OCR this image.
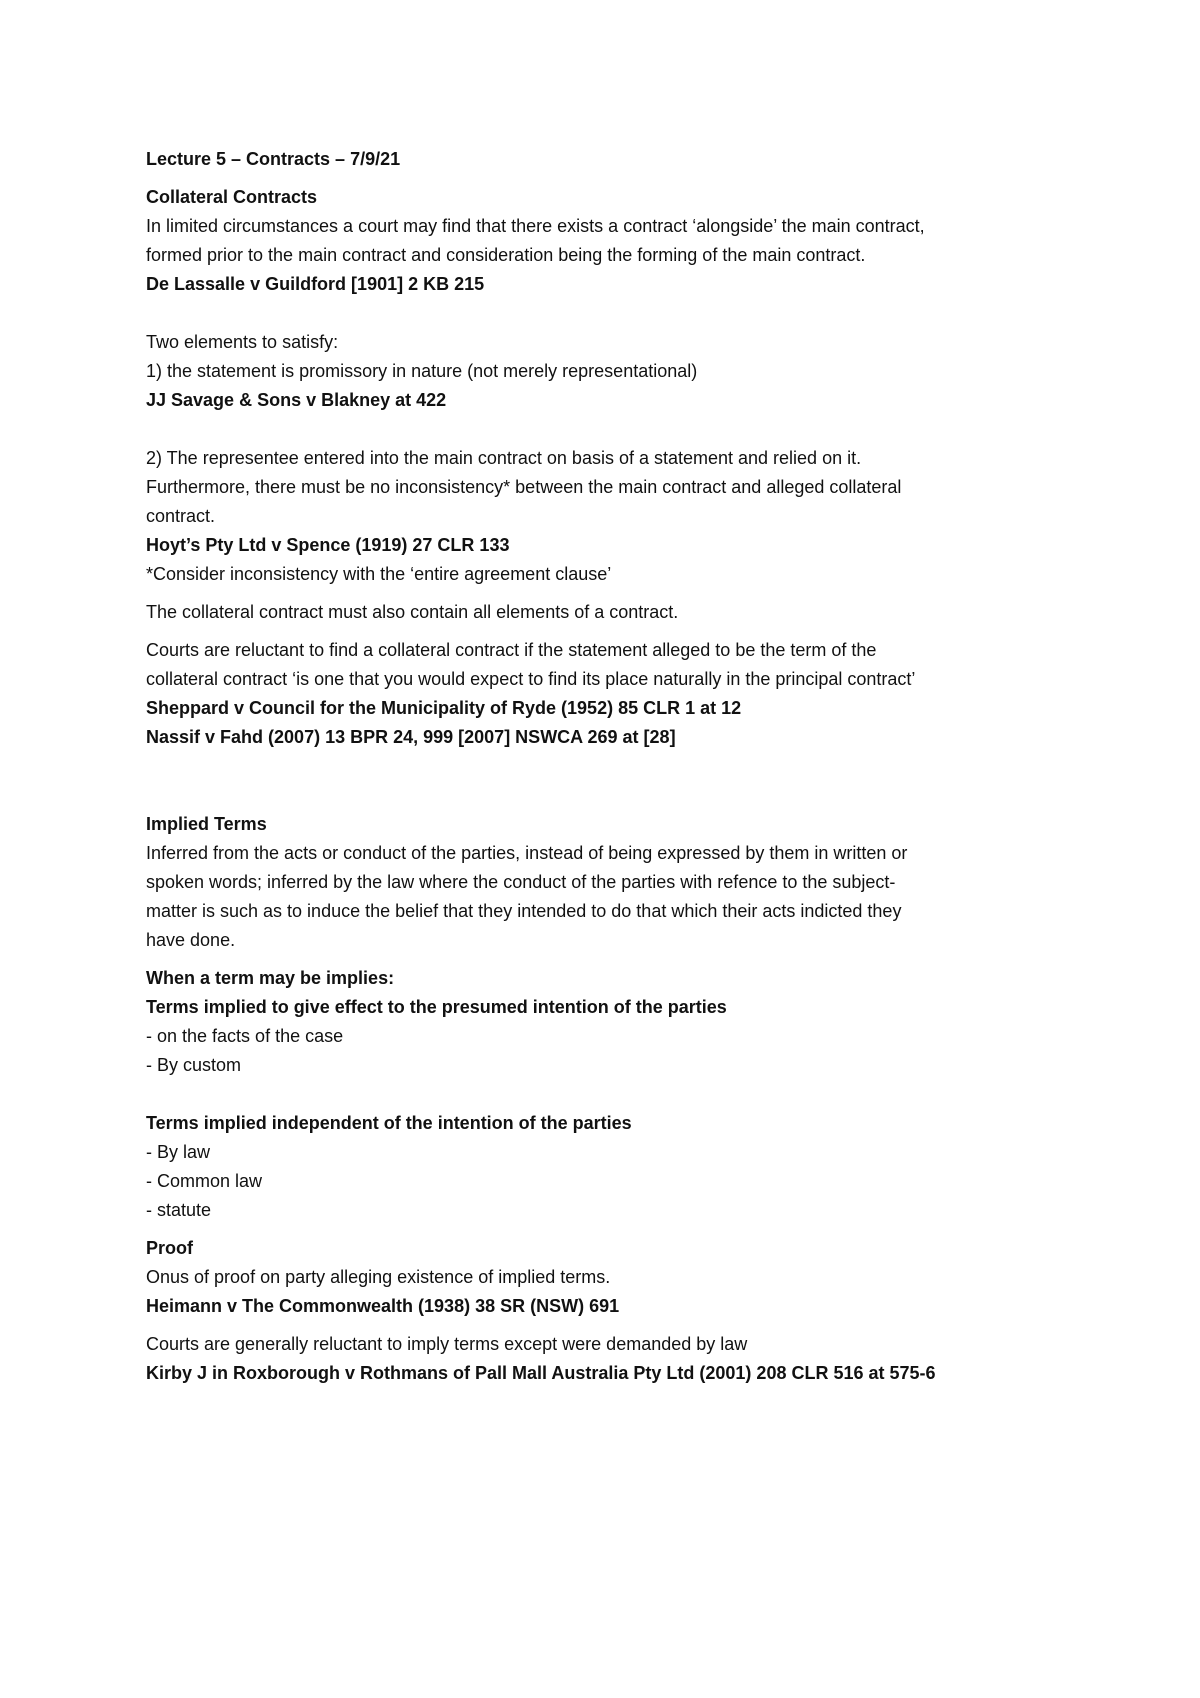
Lecture 5 – Contracts – 7/9/21
Collateral Contracts
In limited circumstances a court may find that there exists a contract ‘alongside’ the main contract,
formed prior to the main contract and consideration being the forming of the main contract.
De Lassalle v Guildford [1901] 2 KB 215
Two elements to satisfy:
1) the statement is promissory in nature (not merely representational)
JJ Savage & Sons v Blakney at 422
2) The representee entered into the main contract on basis of a statement and relied on it.
Furthermore, there must be no inconsistency* between the main contract and alleged collateral
contract.
Hoyt’s Pty Ltd v Spence (1919) 27 CLR 133
*Consider inconsistency with the ‘entire agreement clause’
The collateral contract must also contain all elements of a contract.
Courts are reluctant to find a collateral contract if the statement alleged to be the term of the
collateral contract ‘is one that you would expect to find its place naturally in the principal contract’
Sheppard v Council for the Municipality of Ryde (1952) 85 CLR 1 at 12
Nassif v Fahd (2007) 13 BPR 24, 999 [2007] NSWCA 269 at [28]
Implied Terms
Inferred from the acts or conduct of the parties, instead of being expressed by them in written or
spoken words; inferred by the law where the conduct of the parties with refence to the subject-
matter is such as to induce the belief that they intended to do that which their acts indicted they
have done.
When a term may be implies:
Terms implied to give effect to the presumed intention of the parties
- on the facts of the case
- By custom
Terms implied independent of the intention of the parties
- By law
- Common law
- statute
Proof
Onus of proof on party alleging existence of implied terms.
Heimann v The Commonwealth (1938) 38 SR (NSW) 691
Courts are generally reluctant to imply terms except were demanded by law
Kirby J in Roxborough v Rothmans of Pall Mall Australia Pty Ltd (2001) 208 CLR 516 at 575-6
